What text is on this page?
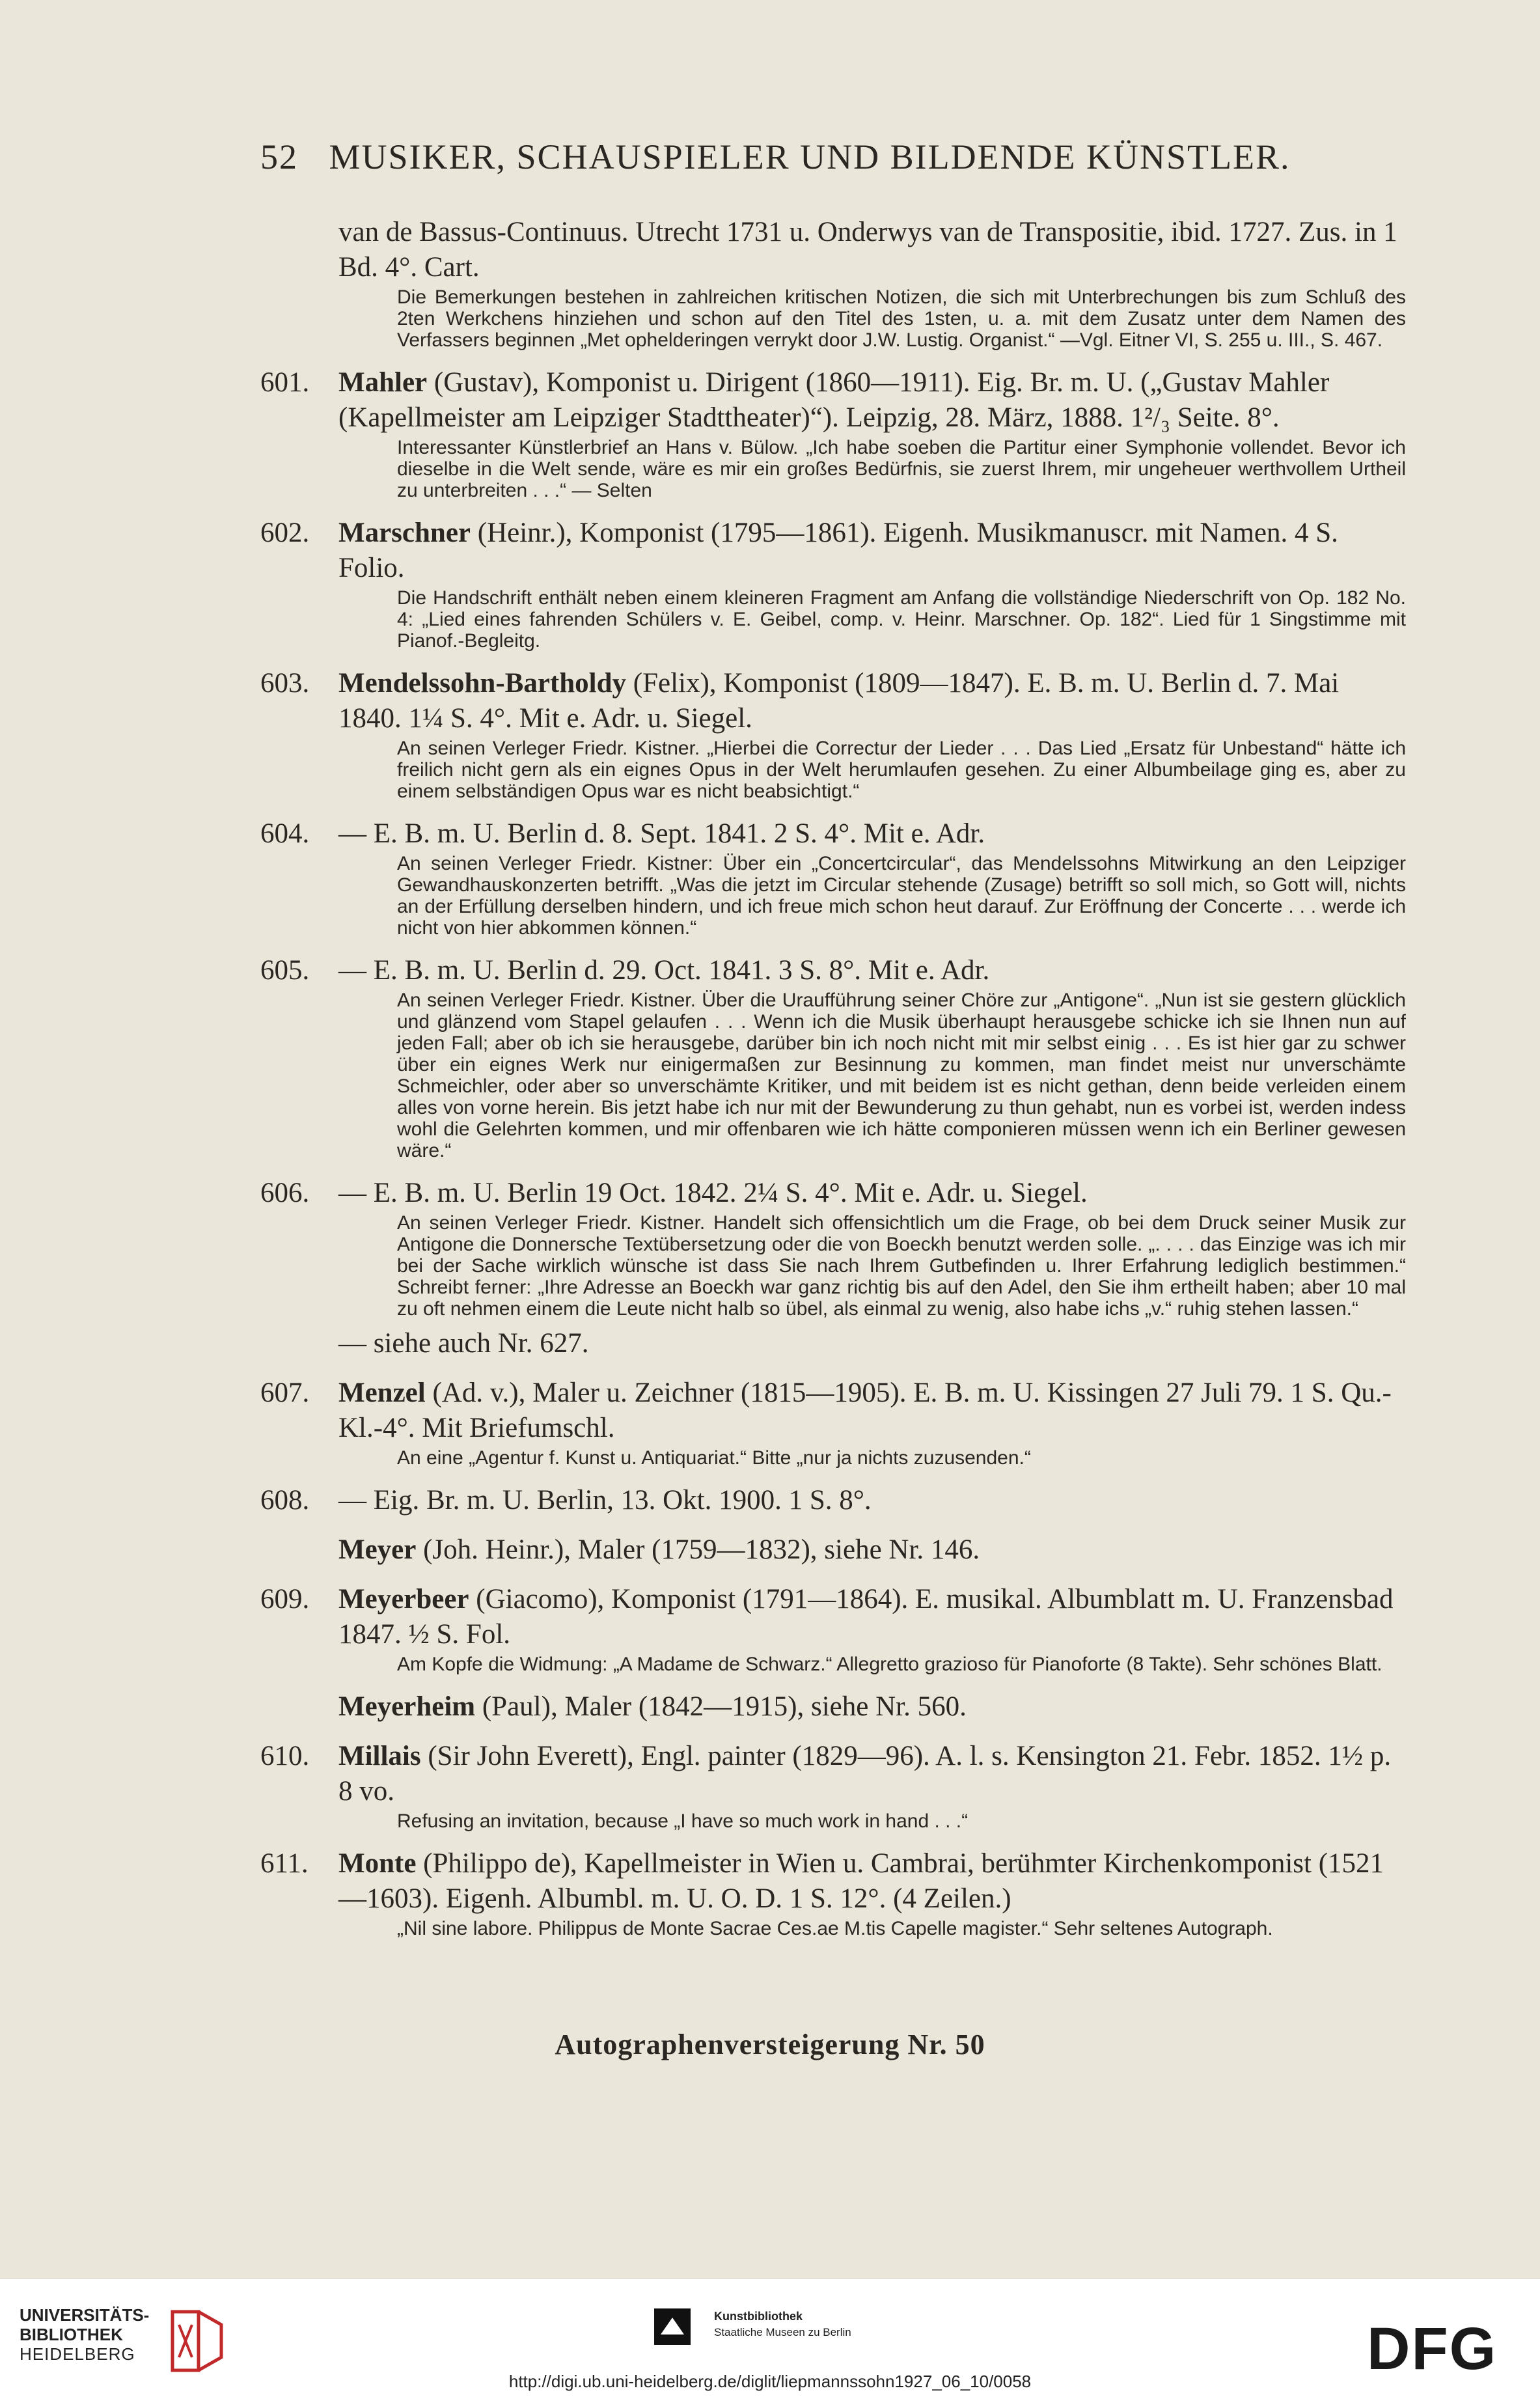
52 MUSIKER, SCHAUSPIELER UND BILDENDE KÜNSTLER.

van de Bassus-Continuus. Utrecht 1731 u. Onderwys van de Transpositie, ibid. 1727. Zus. in 1 Bd. 4°. Cart.

Die Bemerkungen bestehen in zahlreichen kritischen Notizen, die sich mit Unterbrechungen bis zum Schluß des 2ten Werkchens hinziehen und schon auf den Titel des 1sten, u. a. mit dem Zusatz unter dem Namen des Verfassers beginnen „Met ophelderingen verrykt door J.W. Lustig. Organist.“ —Vgl. Eitner VI, S. 255 u. III., S. 467.

601. Mahler (Gustav), Komponist u. Dirigent (1860—1911). Eig. Br. m. U. („Gustav Mahler (Kapellmeister am Leipziger Stadttheater)“). Leipzig, 28. März, 1888. 1²/₃ Seite. 8°.

Interessanter Künstlerbrief an Hans v. Bülow. „Ich habe soeben die Partitur einer Symphonie vollendet. Bevor ich dieselbe in die Welt sende, wäre es mir ein großes Bedürfnis, sie zuerst Ihrem, mir ungeheuer werthvollem Urtheil zu unterbreiten . . .“ — Selten

602. Marschner (Heinr.), Komponist (1795—1861). Eigenh. Musikmanuscr. mit Namen. 4 S. Folio.

Die Handschrift enthält neben einem kleineren Fragment am Anfang die vollständige Niederschrift von Op. 182 No. 4: „Lied eines fahrenden Schülers v. E. Geibel, comp. v. Heinr. Marschner. Op. 182“. Lied für 1 Singstimme mit Pianof.-Begleitg.

603. Mendelssohn-Bartholdy (Felix), Komponist (1809—1847). E. B. m. U. Berlin d. 7. Mai 1840. 1¼ S. 4°. Mit e. Adr. u. Siegel.

An seinen Verleger Friedr. Kistner. „Hierbei die Correctur der Lieder . . . Das Lied „Ersatz für Unbestand“ hätte ich freilich nicht gern als ein eignes Opus in der Welt herumlaufen gesehen. Zu einer Albumbeilage ging es, aber zu einem selbständigen Opus war es nicht beabsichtigt.“

604. — E. B. m. U. Berlin d. 8. Sept. 1841. 2 S. 4°. Mit e. Adr.

An seinen Verleger Friedr. Kistner: Über ein „Concertcircular“, das Mendelssohns Mitwirkung an den Leipziger Gewandhauskonzerten betrifft. „Was die jetzt im Circular stehende (Zusage) betrifft so soll mich, so Gott will, nichts an der Erfüllung derselben hindern, und ich freue mich schon heut darauf. Zur Eröffnung der Concerte . . . werde ich nicht von hier abkommen können.“

605. — E. B. m. U. Berlin d. 29. Oct. 1841. 3 S. 8°. Mit e. Adr.

An seinen Verleger Friedr. Kistner. Über die Uraufführung seiner Chöre zur „Antigone“. „Nun ist sie gestern glücklich und glänzend vom Stapel gelaufen . . . Wenn ich die Musik überhaupt herausgebe schicke ich sie Ihnen nun auf jeden Fall; aber ob ich sie herausgebe, darüber bin ich noch nicht mit mir selbst einig . . . Es ist hier gar zu schwer über ein eignes Werk nur einigermaßen zur Besinnung zu kommen, man findet meist nur unverschämte Schmeichler, oder aber so unverschämte Kritiker, und mit beidem ist es nicht gethan, denn beide verleiden einem alles von vorne herein. Bis jetzt habe ich nur mit der Bewunderung zu thun gehabt, nun es vorbei ist, werden indess wohl die Gelehrten kommen, und mir offenbaren wie ich hätte componieren müssen wenn ich ein Berliner gewesen wäre.“

606. — E. B. m. U. Berlin 19 Oct. 1842. 2¼ S. 4°. Mit e. Adr. u. Siegel.

An seinen Verleger Friedr. Kistner. Handelt sich offensichtlich um die Frage, ob bei dem Druck seiner Musik zur Antigone die Donnersche Textübersetzung oder die von Boeckh benutzt werden solle. „. . . . das Einzige was ich mir bei der Sache wirklich wünsche ist dass Sie nach Ihrem Gutbefinden u. Ihrer Erfahrung lediglich bestimmen.“ Schreibt ferner: „Ihre Adresse an Boeckh war ganz richtig bis auf den Adel, den Sie ihm ertheilt haben; aber 10 mal zu oft nehmen einem die Leute nicht halb so übel, als einmal zu wenig, also habe ichs „v.“ ruhig stehen lassen.“

— siehe auch Nr. 627.

607. Menzel (Ad. v.), Maler u. Zeichner (1815—1905). E. B. m. U. Kissingen 27 Juli 79. 1 S. Qu.-Kl.-4°. Mit Briefumschl.

An eine „Agentur f. Kunst u. Antiquariat.“ Bitte „nur ja nichts zuzusenden.“

608. — Eig. Br. m. U. Berlin, 13. Okt. 1900. 1 S. 8°.

Meyer (Joh. Heinr.), Maler (1759—1832), siehe Nr. 146.

609. Meyerbeer (Giacomo), Komponist (1791—1864). E. musikal. Albumblatt m. U. Franzensbad 1847. ½ S. Fol.

Am Kopfe die Widmung: „A Madame de Schwarz.“ Allegretto grazioso für Pianoforte (8 Takte). Sehr schönes Blatt.

Meyerheim (Paul), Maler (1842—1915), siehe Nr. 560.

610. Millais (Sir John Everett), Engl. painter (1829—96). A. l. s. Kensington 21. Febr. 1852. 1½ p. 8 vo.

Refusing an invitation, because „I have so much work in hand . . .“

611. Monte (Philippo de), Kapellmeister in Wien u. Cambrai, berühmter Kirchenkomponist (1521—1603). Eigenh. Albumbl. m. U. O. D. 1 S. 12°. (4 Zeilen.)

„Nil sine labore. Philippus de Monte Sacrae Ces.ae M.tis Capelle magister.“ Sehr seltenes Autograph.

Autographenversteigerung Nr. 50
UNIVERSITÄTS-
BIBLIOTHEK
HEIDELBERG
Kunstbibliothek
Staatliche Museen zu Berlin	DFG
http://digi.ub.uni-heidelberg.de/diglit/liepmannssohn1927_06_10/0058
